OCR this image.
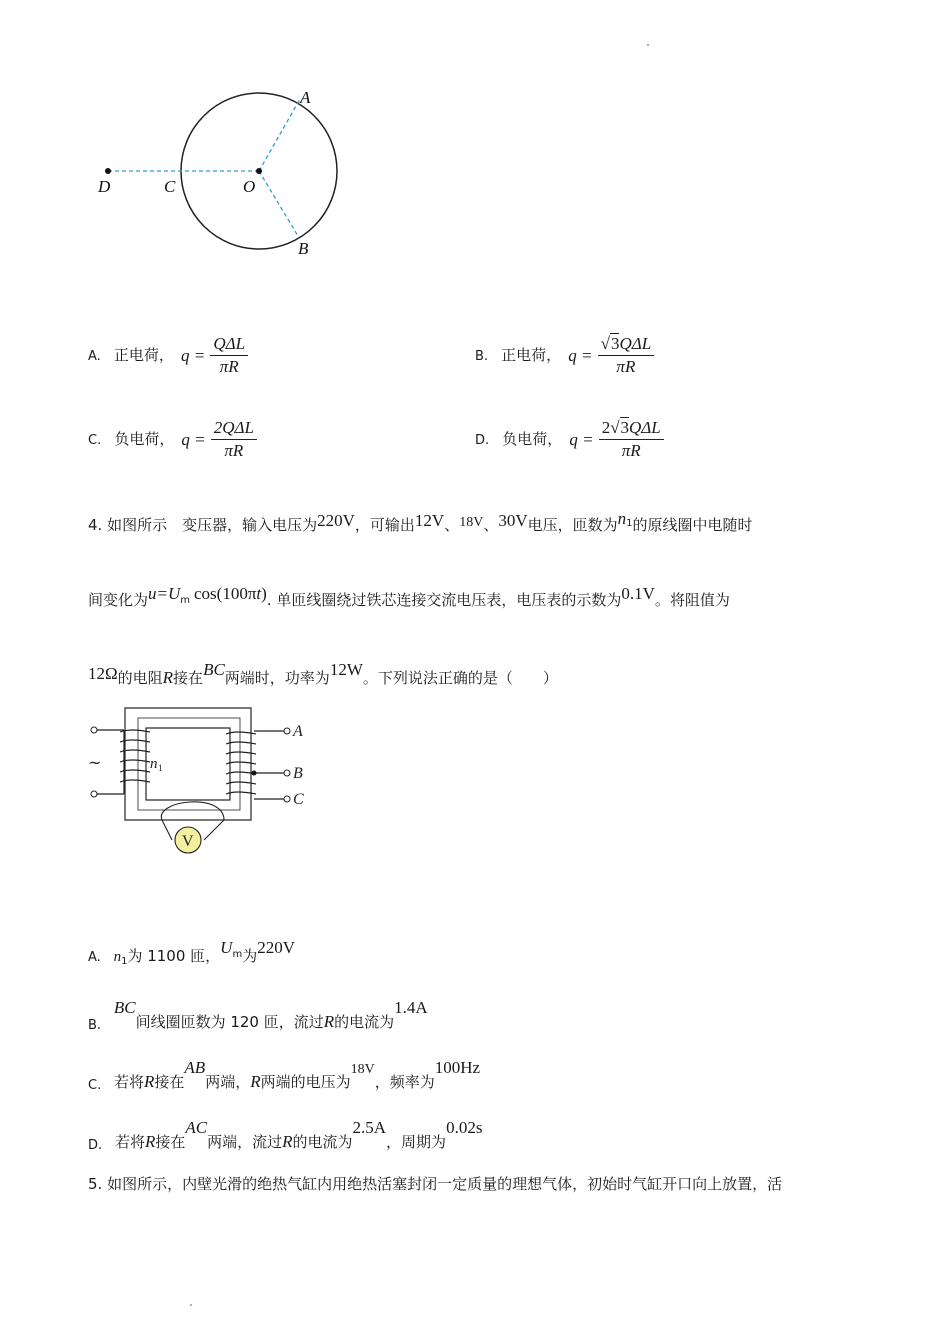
A
B
C
D	O
A. 正电荷， $q = \frac{\text{QΔL}}{\pi R}$	B. 正电荷， $q = \frac{\text{√3QΔL}}{\pi R}$
C. 负电荷， $q = \frac{\text{2QΔL}}{\pi R}$	D. 负电荷， $q = \frac{\text{2√3QΔL}}{\pi R}$
4. 如图所示　变压器，输入电压为220V，可输出12V、18V、30V电压，匝数为$n^1$的原线圈中电随时
间变化为$u=U^m$ cos(100πt). 单匝线圈绕过铁芯连接交流电压表，电压表的示数为0.1V。将阻值为
12Ω的电阻R接在BC两端时，功率为12W。下列说法正确的是（　　）
~	n 1
A
B
C
V
A. $n_1$为 1100 匝，$U^m$为220V
B. BC间线圈匝数为 120 匝，流过R的电流为1.4A
C. 若将R接在AB两端，R两端的电压为18V，频率为100Hz
D. 若将R接在AC两端，流过R的电流为2.5A，周期为0.02s
5. 如图所示，内壁光滑的绝热气缸内用绝热活塞封闭一定质量的理想气体，初始时气缸开口向上放置，活
